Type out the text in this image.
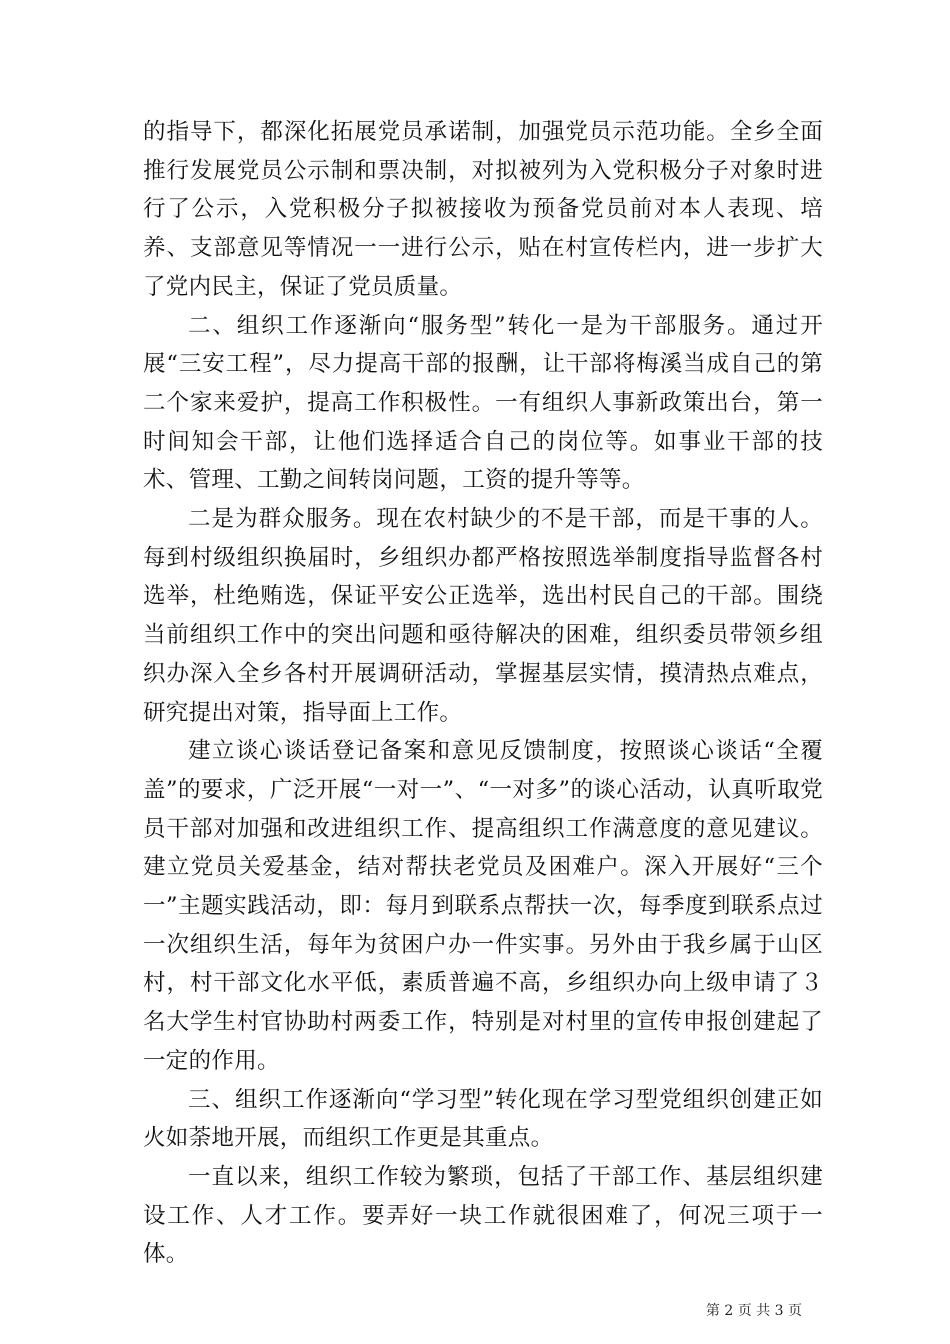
的指导下，都深化拓展党员承诺制，加强党员示范功能。全乡全面推行发展党员公示制和票决制，对拟被列为入党积极分子对象时进行了公示，入党积极分子拟被接收为预备党员前对本人表现、培养、支部意见等情况一一进行公示，贴在村宣传栏内，进一步扩大了党内民主，保证了党员质量。

二、组织工作逐渐向“服务型”转化一是为干部服务。通过开展“三安工程”，尽力提高干部的报酬，让干部将梅溪当成自己的第二个家来爱护，提高工作积极性。一有组织人事新政策出台，第一时间知会干部，让他们选择适合自己的岗位等。如事业干部的技术、管理、工勤之间转岗问题，工资的提升等等。

二是为群众服务。现在农村缺少的不是干部，而是干事的人。每到村级组织换届时，乡组织办都严格按照选举制度指导监督各村选举，杜绝贿选，保证平安公正选举，选出村民自己的干部。围绕当前组织工作中的突出问题和亟待解决的困难，组织委员带领乡组织办深入全乡各村开展调研活动，掌握基层实情，摸清热点难点，研究提出对策，指导面上工作。

建立谈心谈话登记备案和意见反馈制度，按照谈心谈话“全覆盖”的要求，广泛开展“一对一”、“一对多”的谈心活动，认真听取党员干部对加强和改进组织工作、提高组织工作满意度的意见建议。建立党员关爱基金，结对帮扶老党员及困难户。深入开展好“三个一”主题实践活动，即：每月到联系点帮扶一次，每季度到联系点过一次组织生活，每年为贫困户办一件实事。另外由于我乡属于山区村，村干部文化水平低，素质普遍不高，乡组织办向上级申请了３名大学生村官协助村两委工作，特别是对村里的宣传申报创建起了一定的作用。

三、组织工作逐渐向“学习型”转化现在学习型党组织创建正如火如荼地开展，而组织工作更是其重点。

一直以来，组织工作较为繁琐，包括了干部工作、基层组织建设工作、人才工作。要弄好一块工作就很困难了，何况三项于一体。

第 2 页 共 3 页
